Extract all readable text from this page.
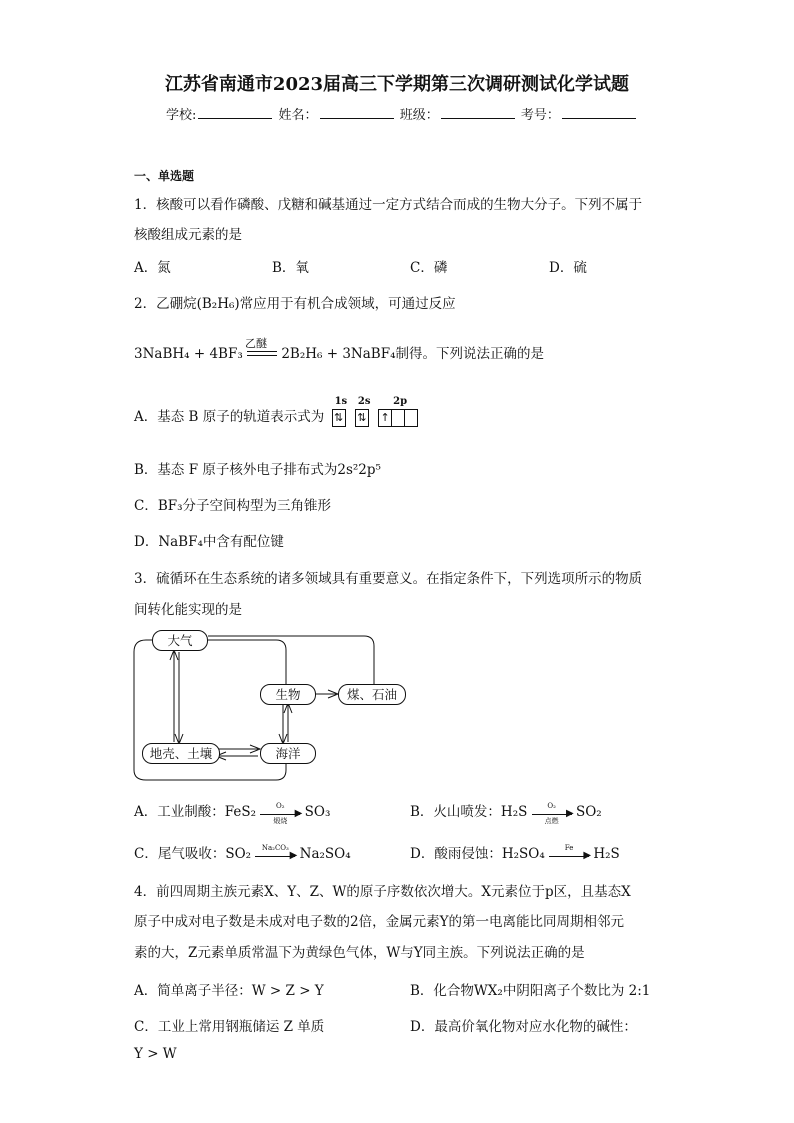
江苏省南通市2023届高三下学期第三次调研测试化学试题
学校:	姓名：	班级：	考号：
一、单选题
1．核酸可以看作磷酸、戊糖和碱基通过一定方式结合而成的生物大分子。下列不属于
核酸组成元素的是
A．氮	B．氧	C．磷	D．硫
2．乙硼烷(B₂H₆)常应用于有机合成领域，可通过反应
3NaBH₄ + 4BF₃
乙醚
2B₂H₆ + 3NaBF₄制得。下列说法正确的是
A．基态 B 原子的轨道表示式为
1s
⇅
2s
⇅
2p
↑
B．基态 F 原子核外电子排布式为2s²2p⁵
C．BF₃分子空间构型为三角锥形
D．NaBF₄中含有配位键
3．硫循环在生态系统的诸多领域具有重要意义。在指定条件下，下列选项所示的物质
间转化能实现的是
大气
生物	煤、石油
地壳、土壤	海洋
A．工业制酸：FeS₂	O₂
▶
煅烧
SO₃	B．火山喷发：H₂S	O₂
▶
点燃
SO₂
C．尾气吸收：SO₂	Na₂CO₃
▶ Na₂SO₄	D．酸雨侵蚀：H₂SO₄	Fe
▶ H₂S
4．前四周期主族元素X、Y、Z、W的原子序数依次增大。X元素位于p区，且基态X
原子中成对电子数是未成对电子数的2倍，金属元素Y的第一电离能比同周期相邻元
素的大，Z元素单质常温下为黄绿色气体，W与Y同主族。下列说法正确的是
A．简单离子半径：W > Z > Y	B．化合物WX₂中阴阳离子个数比为 2:1
C．工业上常用钢瓶储运 Z 单质	D．最高价氧化物对应水化物的碱性：
Y > W
